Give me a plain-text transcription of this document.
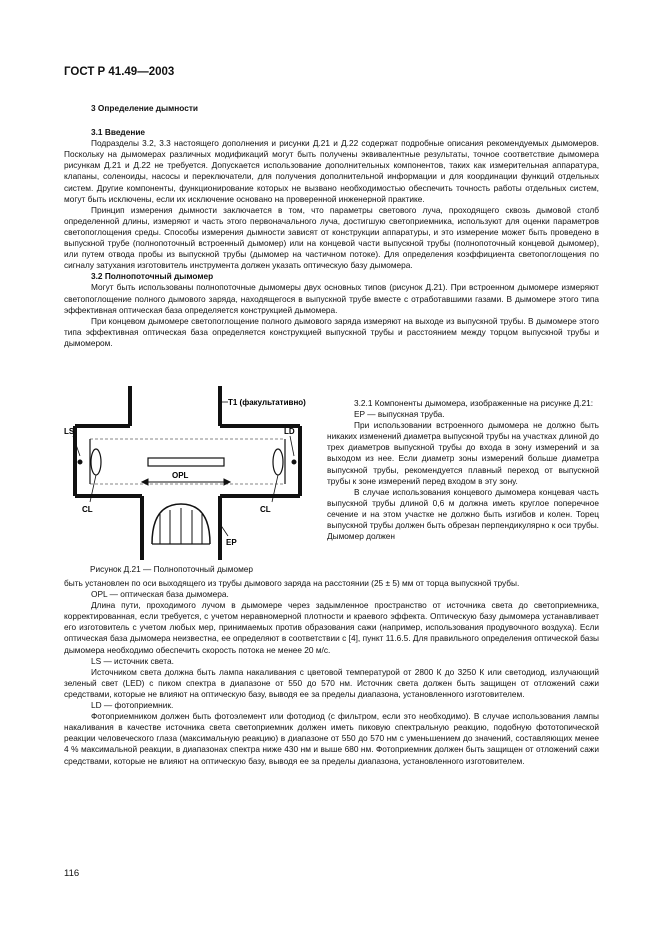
ГОСТ Р 41.49—2003

3 Определение дымности

3.1 Введение

Подразделы 3.2, 3.3 настоящего дополнения и рисунки Д.21 и Д.22 содержат подробные описания рекомендуемых дымомеров. Поскольку на дымомерах различных модификаций могут быть получены эквивалентные результаты, точное соответствие дымомера рисункам Д.21 и Д.22 не требуется. Допускается использование дополнительных компонентов, таких как измерительная аппаратура, клапаны, соленоиды, насосы и переключатели, для получения дополнительной информации и для координации функций отдельных систем. Другие компоненты, функционирование которых не вызвано необходимостью обеспечить точность работы отдельных систем, могут быть исключены, если их исключение основано на проверенной инженерной практике.

Принцип измерения дымности заключается в том, что параметры светового луча, проходящего сквозь дымовой столб определенной длины, измеряют и часть этого первоначального луча, достигшую светоприемника, используют для оценки параметров светопоглощения среды. Способы измерения дымности зависят от конструкции аппаратуры, и это измерение может быть проведено в выпускной трубе (полнопоточный встроенный дымомер) или на концевой части выпускной трубы (полнопоточный концевой дымомер), или путем отвода пробы из выпускной трубы (дымомер на частичном потоке). Для определения коэффициента светопоглощения по сигналу затухания изготовитель инструмента должен указать оптическую базу дымомера.

3.2 Полнопоточный дымомер

Могут быть использованы полнопоточные дымомеры двух основных типов (рисунок Д.21). При встроенном дымомере измеряют светопоглощение полного дымового заряда, находящегося в выпускной трубе вместе с отработавшими газами. В дымомере этого типа эффективная оптическая база определяется конструкцией дымомера.

При концевом дымомере светопоглощение полного дымового заряда измеряют на выходе из выпускной трубы. В дымомере этого типа эффективная оптическая база определяется конструкцией выпускной трубы и расстоянием между торцом выпускной трубы и дымомером.

T1 (факультативно)
LS	LD
OPL
CL	CL
EP
Рисунок Д.21 — Полнопоточный дымомер

3.2.1 Компоненты дымомера, изображенные на рисунке Д.21:

EP — выпускная труба.

При использовании встроенного дымомера не должно быть никаких изменений диаметра выпускной трубы на участках длиной до трех диаметров выпускной трубы до входа в зону измерений и за выходом из нее. Если диаметр зоны измерений больше диаметра выпускной трубы, рекомендуется плавный переход от выпускной трубы к зоне измерений перед входом в эту зону.

В случае использования концевого дымомера концевая часть выпускной трубы длиной 0,6 м должна иметь круглое поперечное сечение и на этом участке не должно быть изгибов и колен. Торец выпускной трубы должен быть обрезан перпендикулярно к оси трубы. Дымомер должен

быть установлен по оси выходящего из трубы дымового заряда на расстоянии (25 ± 5) мм от торца выпускной трубы.

OPL — оптическая база дымомера.

Длина пути, проходимого лучом в дымомере через задымленное пространство от источника света до светоприемника, корректированная, если требуется, с учетом неравномерной плотности и краевого эффекта. Оптическую базу дымомера устанавливает его изготовитель с учетом любых мер, принимаемых против образования сажи (например, использования продувочного воздуха). Если оптическая база дымомера неизвестна, ее определяют в соответствии с [4], пункт 11.6.5. Для правильного определения оптической базы дымомера необходимо обеспечить скорость потока не менее 20 м/с.

LS — источник света.

Источником света должна быть лампа накаливания с цветовой температурой от 2800 К до 3250 К или светодиод, излучающий зеленый свет (LED) с пиком спектра в диапазоне от 550 до 570 нм. Источник света должен быть защищен от отложений сажи средствами, которые не влияют на оптическую базу, выводя ее за пределы диапазона, установленного изготовителем.

LD — фотоприемник.

Фотоприемником должен быть фотоэлемент или фотодиод (с фильтром, если это необходимо). В случае использования лампы накаливания в качестве источника света светоприемник должен иметь пиковую спектральную реакцию, подобную фототопической реакции человеческого глаза (максимальную реакцию) в диапазоне от 550 до 570 нм с уменьшением до значений, составляющих менее 4 % максимальной реакции, в диапазонах спектра ниже 430 нм и выше 680 нм. Фотоприемник должен быть защищен от отложений сажи средствами, которые не влияют на оптическую базу, выводя ее за пределы диапазона, установленного изготовителем.

116
